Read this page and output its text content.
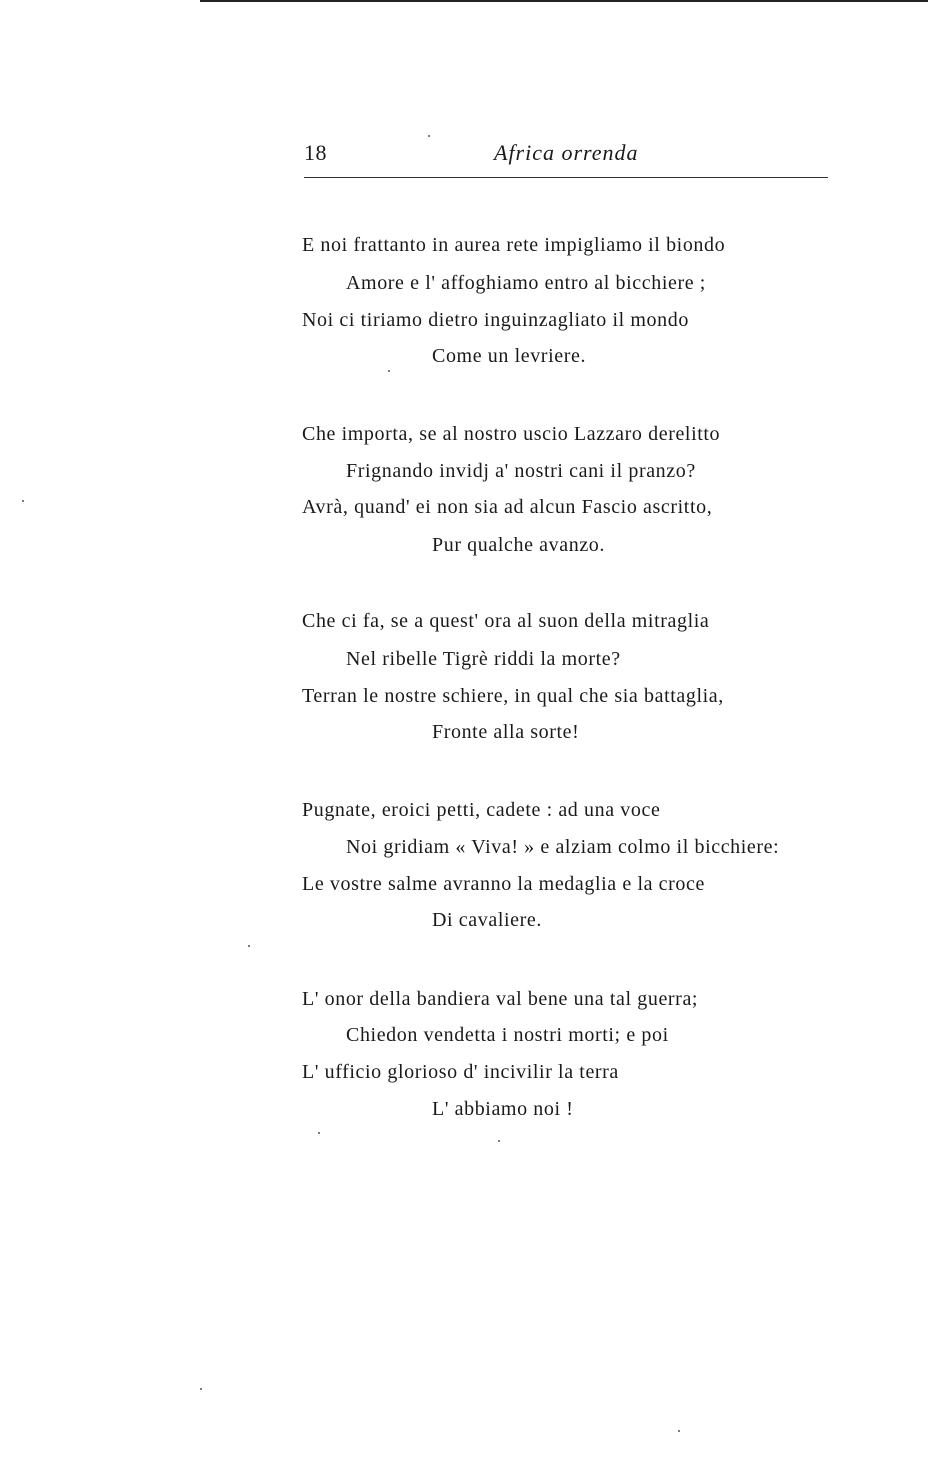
18	Africa orrenda
E noi frattanto in aurea rete impigliamo il biondo
Amore e l' affoghiamo entro al bicchiere ;
Noi ci tiriamo dietro inguinzagliato il mondo
Come un levriere.
Che importa, se al nostro uscio Lazzaro derelitto
Frignando invidj a' nostri cani il pranzo?
Avrà, quand' ei non sia ad alcun Fascio ascritto,
Pur qualche avanzo.
Che ci fa, se a quest' ora al suon della mitraglia
Nel ribelle Tigrè riddi la morte?
Terran le nostre schiere, in qual che sia battaglia,
Fronte alla sorte!
Pugnate, eroici petti, cadete : ad una voce
Noi gridiam « Viva! » e alziam colmo il bicchiere:
Le vostre salme avranno la medaglia e la croce
Di cavaliere.
L' onor della bandiera val bene una tal guerra;
Chiedon vendetta i nostri morti; e poi
L' ufficio glorioso d' incivilir la terra
L' abbiamo noi !
